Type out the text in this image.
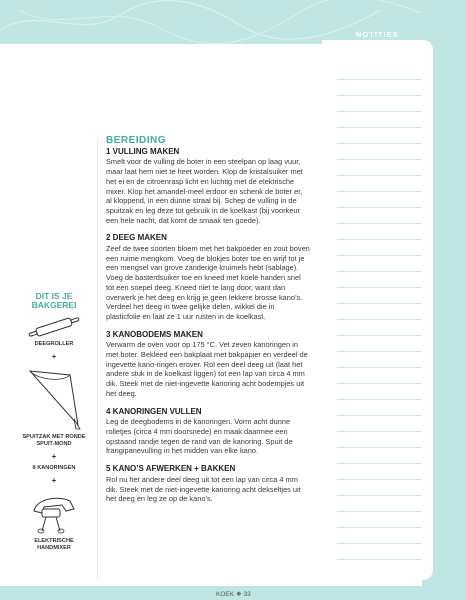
NOTITIES
BEREIDING
1 VULLING MAKEN

Smelt voor de vulling de boter in een steelpan op laag vuur, maar laat hem niet te heet worden. Klop de kristalsuiker met het ei en de citroenrasp licht en luchtig met de elektrische mixer. Klop het amandel-meel erdoor en schenk de boter er, al kloppend, in een dunne straal bij. Schep de vulling in de spuitzak en leg deze tot gebruik in de koelkast (bij voorkeur een hele nacht, dat komt de smaak ten goede).

2 DEEG MAKEN

Zeef de twee soorten bloem met het bakpoeder en zout boven een ruime mengkom. Voeg de blokjes boter toe en wrijf tot je een mengsel van grove zanderige kruimels hebt (sablage). Voeg de basterdsuiker toe en kneed met koele handen snel tot een soepel deeg. Kneed niet te lang door, want dan overwerk je het deeg en krijg je geen lekkere brosse kano’s. Verdeel het deeg in twee gelijke delen, wikkel die in plasticfolie en laat ze 1 uur rusten in de koelkast.

3 KANOBODEMS MAKEN

Verwarm de oven voor op 175 °C. Vet zeven kanoringen in met boter. Bekleed een bakplaat met bakpapier en verdeel de ingevette kano-ringen erover. Rol een deel deeg uit (laat het andere stuk in de koelkast liggen) tot een lap van circa 4 mm dik. Steek met de niet-ingevette kanoring acht bodempjes uit het deeg.

4 KANORINGEN VULLEN

Leg de deegbodems in de kanoringen. Vorm acht dunne rolletjes (circa 4 mm doorsnede) en maak daarmee een opstaand randje tegen de rand van de kanoring. Spuit de frangipanevulling in het midden van elke kano.

5 KANO’S AFWERKEN + BAKKEN

Rol nu het andere deel deeg uit tot een lap van circa 4 mm dik. Steek met de niet-ingevette kanoring acht dekseltjes uit het deeg en leg ze op de kano’s.

DIT IS JE
BAKGEREI
DEEGROLLER
+
SPUITZAK MET RONDE SPUIT-MOND
+
8 KANORINGEN
+
ELEKTRISCHE HANDMIXER
KOEK ❖ 33
